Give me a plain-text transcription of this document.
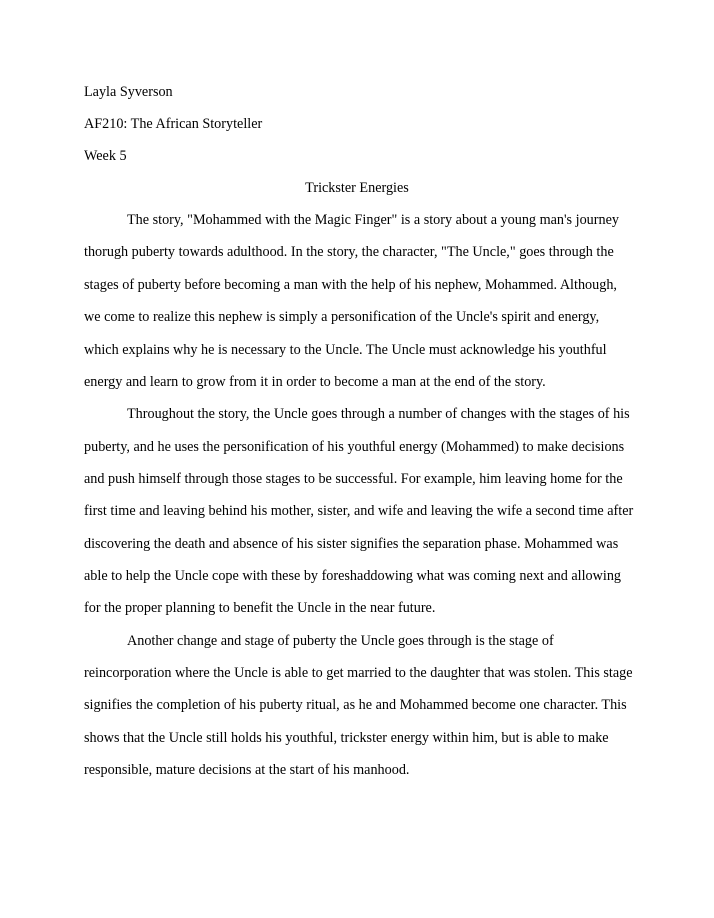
Layla Syverson
AF210: The African Storyteller
Week 5
Trickster Energies
The story, "Mohammed with the Magic Finger" is a story about a young man's journey
thorugh puberty towards adulthood. In the story, the character, "The Uncle," goes through the
stages of puberty before becoming a man with the help of his nephew, Mohammed. Although,
we come to realize this nephew is simply a personification of the Uncle's spirit and energy,
which explains why he is necessary to the Uncle. The Uncle must acknowledge his youthful
energy and learn to grow from it in order to become a man at the end of the story.
Throughout the story, the Uncle goes through a number of changes with the stages of his
puberty, and he uses the personification of his youthful energy (Mohammed) to make decisions
and push himself through those stages to be successful. For example, him leaving home for the
first time and leaving behind his mother, sister, and wife and leaving the wife a second time after
discovering the death and absence of his sister signifies the separation phase. Mohammed was
able to help the Uncle cope with these by foreshaddowing what was coming next and allowing
for the proper planning to benefit the Uncle in the near future.
Another change and stage of puberty the Uncle goes through is the stage of
reincorporation where the Uncle is able to get married to the daughter that was stolen. This stage
signifies the completion of his puberty ritual, as he and Mohammed become one character. This
shows that the Uncle still holds his youthful, trickster energy within him, but is able to make
responsible, mature decisions at the start of his manhood.
